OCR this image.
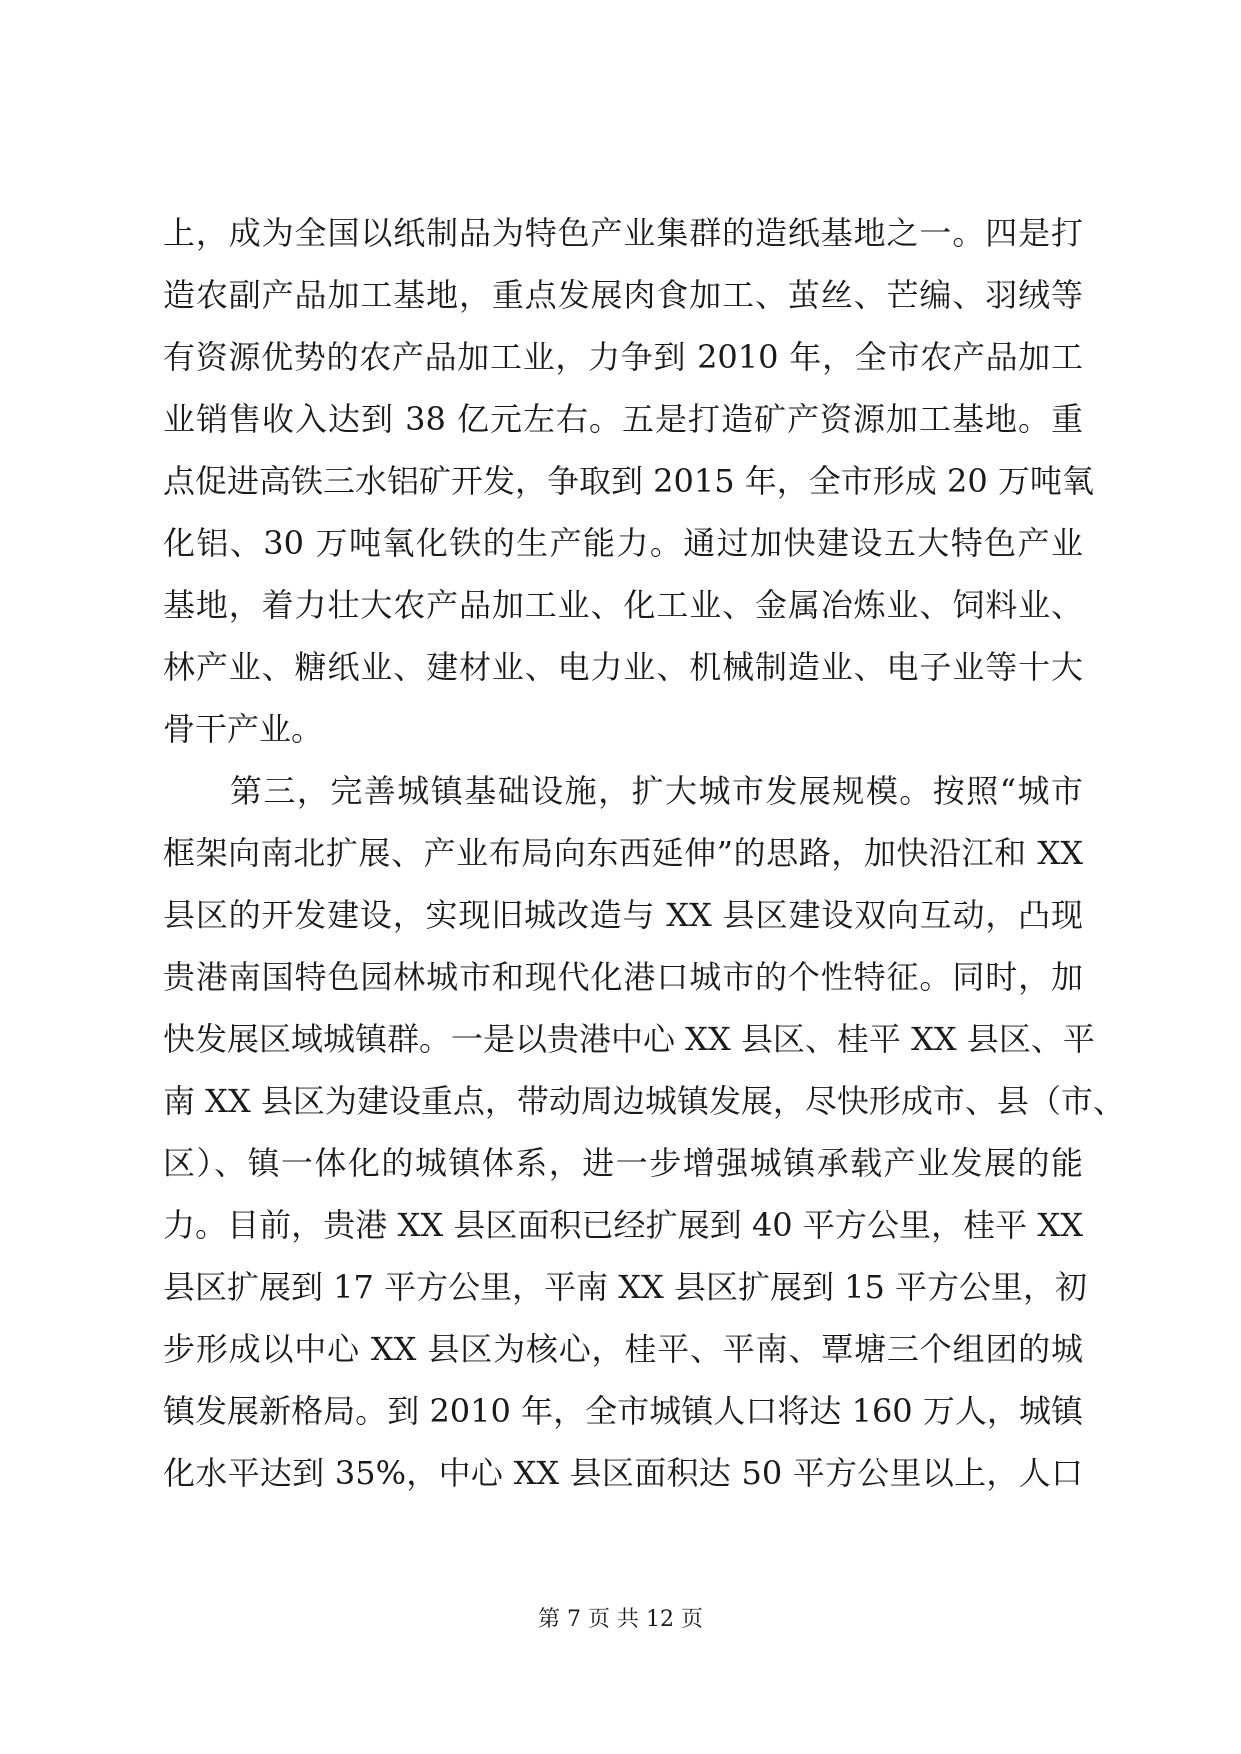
上，成为全国以纸制品为特色产业集群的造纸基地之一。四是打
造农副产品加工基地，重点发展肉食加工、茧丝、芒编、羽绒等
有资源优势的农产品加工业，力争到 2010 年，全市农产品加工
业销售收入达到 38 亿元左右。五是打造矿产资源加工基地。重
点促进高铁三水铝矿开发，争取到 2015 年，全市形成 20 万吨氧
化铝、30 万吨氧化铁的生产能力。通过加快建设五大特色产业
基地，着力壮大农产品加工业、化工业、金属冶炼业、饲料业、
林产业、糖纸业、建材业、电力业、机械制造业、电子业等十大
骨干产业。
　　第三，完善城镇基础设施，扩大城市发展规模。按照“城市
框架向南北扩展、产业布局向东西延伸”的思路，加快沿江和 XX
县区的开发建设，实现旧城改造与 XX 县区建设双向互动，凸现
贵港南国特色园林城市和现代化港口城市的个性特征。同时，加
快发展区域城镇群。一是以贵港中心 XX 县区、桂平 XX 县区、平
南 XX 县区为建设重点，带动周边城镇发展，尽快形成市、县（市、
区）、镇一体化的城镇体系，进一步增强城镇承载产业发展的能
力。目前，贵港 XX 县区面积已经扩展到 40 平方公里，桂平 XX
县区扩展到 17 平方公里，平南 XX 县区扩展到 15 平方公里，初
步形成以中心 XX 县区为核心，桂平、平南、覃塘三个组团的城
镇发展新格局。到 2010 年，全市城镇人口将达 160 万人，城镇
化水平达到 35%，中心 XX 县区面积达 50 平方公里以上，人口
第 7 页 共 12 页
